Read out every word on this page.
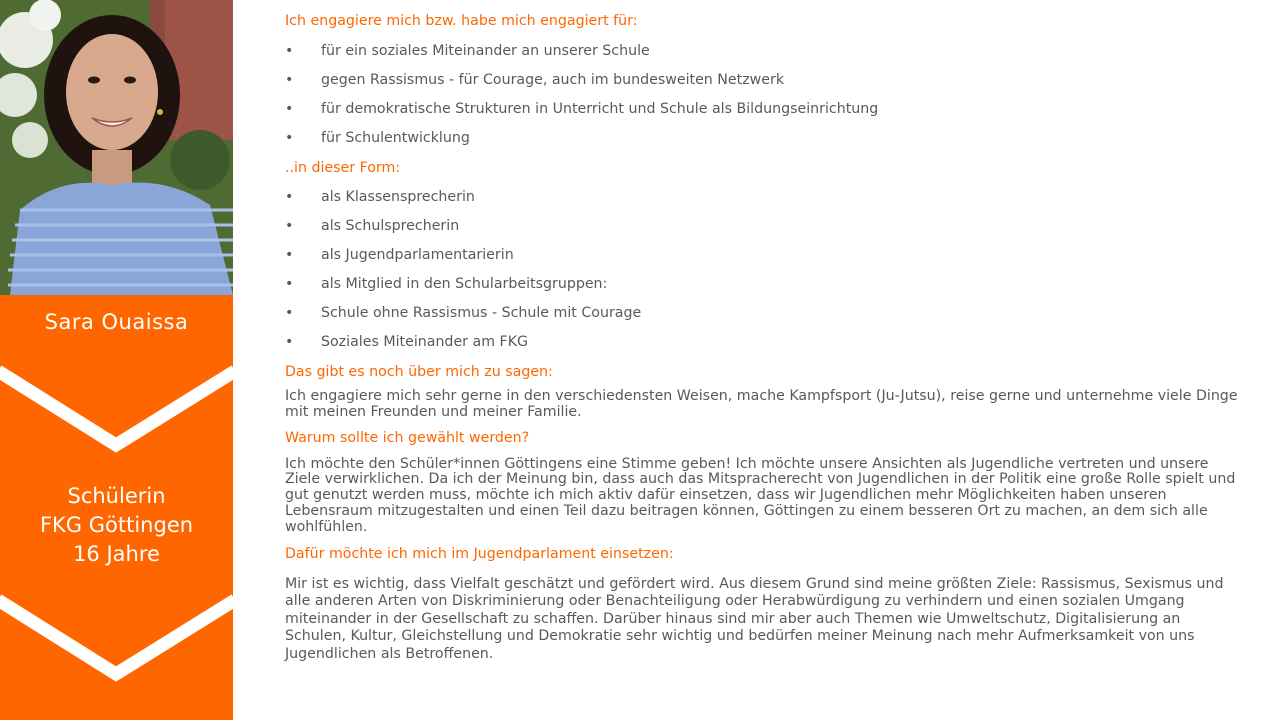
Sara Ouaissa
Schülerin
FKG Göttingen
16 Jahre

Ich engagiere mich bzw. habe mich engagiert für:

• für ein soziales Miteinander an unserer Schule
• gegen Rassismus - für Courage, auch im bundesweiten Netzwerk
• für demokratische Strukturen in Unterricht und Schule als Bildungseinrichtung
• für Schulentwicklung

..in dieser Form:

• als Klassensprecherin
• als Schulsprecherin
• als Jugendparlamentarierin
• als Mitglied in den Schularbeitsgruppen:
• Schule ohne Rassismus - Schule mit Courage
• Soziales Miteinander am FKG

Das gibt es noch über mich zu sagen:

Ich engagiere mich sehr gerne in den verschiedensten Weisen, mache Kampfsport (Ju-Jutsu), reise gerne und unternehme viele Dinge mit meinen Freunden und meiner Familie.

Warum sollte ich gewählt werden?

Ich möchte den Schüler*innen Göttingens eine Stimme geben! Ich möchte unsere Ansichten als Jugendliche vertreten und unsere Ziele verwirklichen. Da ich der Meinung bin, dass auch das Mitspracherecht von Jugendlichen in der Politik eine große Rolle spielt und gut genutzt werden muss, möchte ich mich aktiv dafür einsetzen, dass wir Jugendlichen mehr Möglichkeiten haben unseren Lebensraum mitzugestalten und einen Teil dazu beitragen können, Göttingen zu einem besseren Ort zu machen, an dem sich alle wohlfühlen.

Dafür möchte ich mich im Jugendparlament einsetzen:

Mir ist es wichtig, dass Vielfalt geschätzt und gefördert wird. Aus diesem Grund sind meine größten Ziele: Rassismus, Sexismus und alle anderen Arten von Diskriminierung oder Benachteiligung oder Herabwürdigung zu verhindern und einen sozialen Umgang miteinander in der Gesellschaft zu schaffen. Darüber hinaus sind mir aber auch Themen wie Umweltschutz, Digitalisierung an Schulen, Kultur, Gleichstellung und Demokratie sehr wichtig und bedürfen meiner Meinung nach mehr Aufmerksamkeit von uns Jugendlichen als Betroffenen.
